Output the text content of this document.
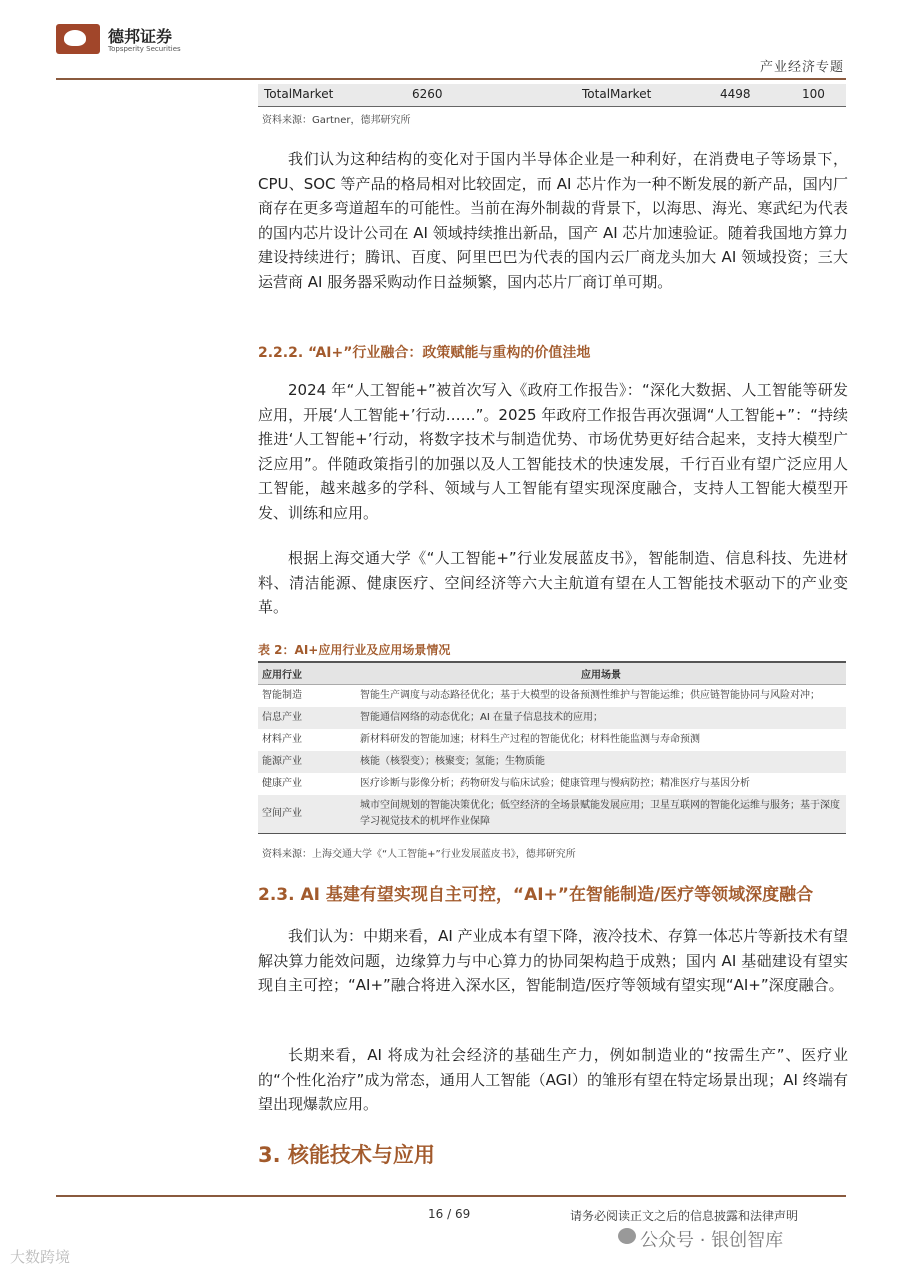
德邦证券
Topsperity Securities
产业经济专题
TotalMarket	6260	TotalMarket	4498	100
资料来源：Gartner，德邦研究所

我们认为这种结构的变化对于国内半导体企业是一种利好，在消费电子等场景下，CPU、SOC 等产品的格局相对比较固定，而 AI 芯片作为一种不断发展的新产品，国内厂商存在更多弯道超车的可能性。当前在海外制裁的背景下，以海思、海光、寒武纪为代表的国内芯片设计公司在 AI 领域持续推出新品，国产 AI 芯片加速验证。随着我国地方算力建设持续进行；腾讯、百度、阿里巴巴为代表的国内云厂商龙头加大 AI 领域投资；三大运营商 AI 服务器采购动作日益频繁，国内芯片厂商订单可期。

2.2.2. “AI+”行业融合：政策赋能与重构的价值洼地

2024 年“人工智能+”被首次写入《政府工作报告》：“深化大数据、人工智能等研发应用，开展‘人工智能+’行动……”。2025 年政府工作报告再次强调“人工智能+”：“持续推进‘人工智能+’行动，将数字技术与制造优势、市场优势更好结合起来，支持大模型广泛应用”。伴随政策指引的加强以及人工智能技术的快速发展，千行百业有望广泛应用人工智能，越来越多的学科、领域与人工智能有望实现深度融合，支持人工智能大模型开发、训练和应用。

根据上海交通大学《“人工智能+”行业发展蓝皮书》，智能制造、信息科技、先进材料、清洁能源、健康医疗、空间经济等六大主航道有望在人工智能技术驱动下的产业变革。

表 2：AI+应用行业及应用场景情况
应用行业	应用场景
智能制造	智能生产调度与动态路径优化；基于大模型的设备预测性维护与智能运维；供应链智能协同与风险对冲；
信息产业	智能通信网络的动态优化；AI 在量子信息技术的应用；
材料产业	新材料研发的智能加速；材料生产过程的智能优化；材料性能监测与寿命预测
能源产业	核能（核裂变）；核聚变；氢能；生物质能
健康产业	医疗诊断与影像分析；药物研发与临床试验；健康管理与慢病防控；精准医疗与基因分析
空间产业	城市空间规划的智能决策优化；低空经济的全场景赋能发展应用；卫星互联网的智能化运维与服务；基于深度学习视觉技术的机坪作业保障
资料来源：上海交通大学《“人工智能+”行业发展蓝皮书》，德邦研究所
2.3. AI 基建有望实现自主可控，“AI+”在智能制造/医疗等领域深度融合

我们认为：中期来看，AI 产业成本有望下降，液冷技术、存算一体芯片等新技术有望解决算力能效问题，边缘算力与中心算力的协同架构趋于成熟；国内 AI 基础建设有望实现自主可控；“AI+”融合将进入深水区，智能制造/医疗等领域有望实现“AI+”深度融合。

长期来看，AI 将成为社会经济的基础生产力，例如制造业的“按需生产”、医疗业的“个性化治疗”成为常态，通用人工智能（AGI）的雏形有望在特定场景出现；AI 终端有望出现爆款应用。

3. 核能技术与应用
16 / 69	请务必阅读正文之后的信息披露和法律声明
公众号 · 银创智库
大数跨境
